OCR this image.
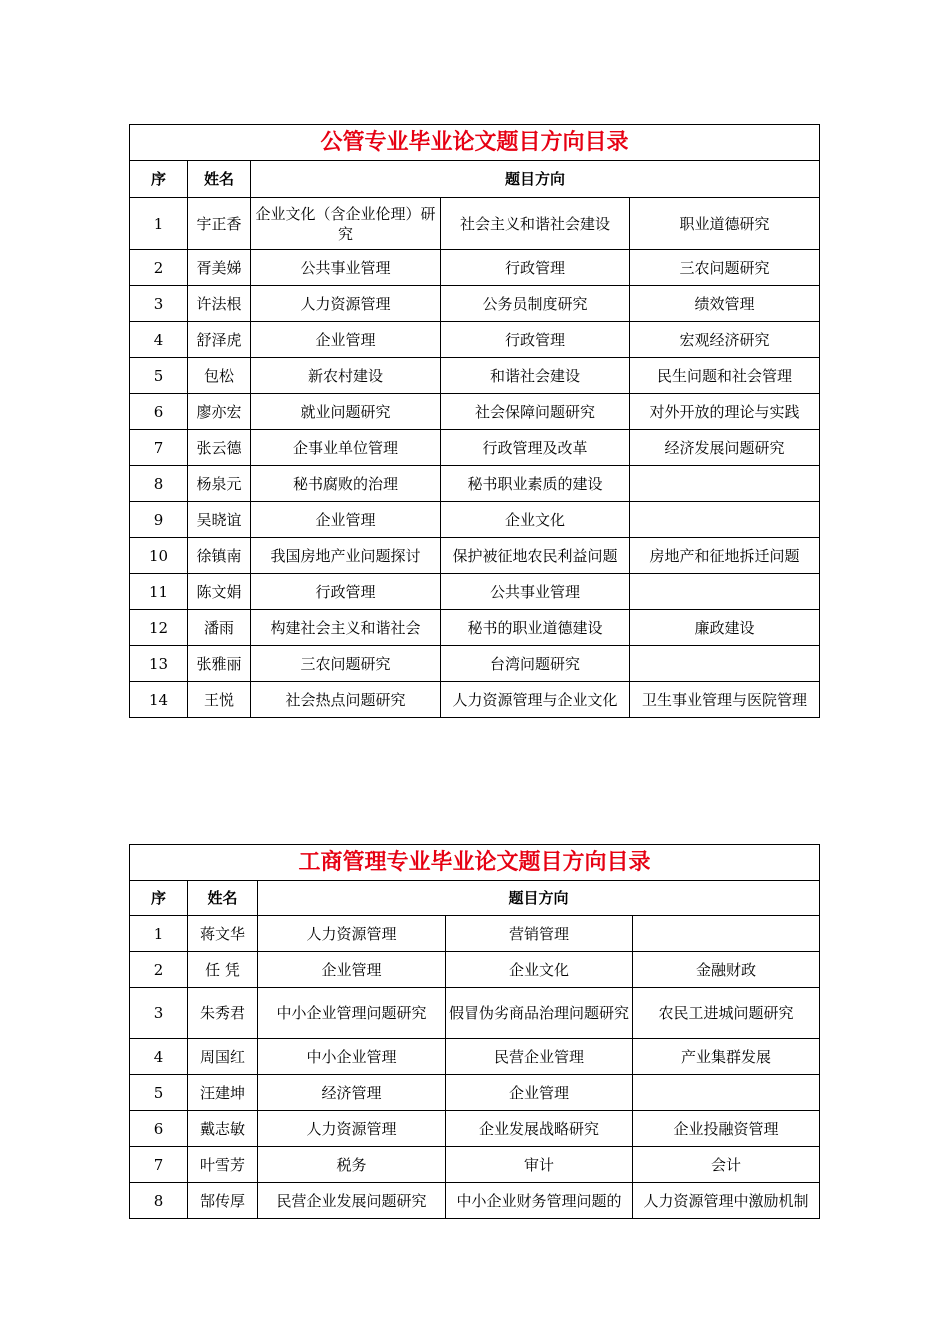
公管专业毕业论文题目方向目录				
序	姓名	题目方向		
1	宇正香	企业文化（含企业伦理）研究	社会主义和谐社会建设	职业道德研究
2	胥美娣	公共事业管理	行政管理	三农问题研究
3	许法根	人力资源管理	公务员制度研究	绩效管理
4	舒泽虎	企业管理	行政管理	宏观经济研究
5	包松	新农村建设	和谐社会建设	民生问题和社会管理
6	廖亦宏	就业问题研究	社会保障问题研究	对外开放的理论与实践
7	张云德	企事业单位管理	行政管理及改革	经济发展问题研究
8	杨泉元	秘书腐败的治理	秘书职业素质的建设	
9	吴晓谊	企业管理	企业文化	
10	徐镇南	我国房地产业问题探讨	保护被征地农民利益问题	房地产和征地拆迁问题
11	陈文娟	行政管理	公共事业管理	
12	潘雨	构建社会主义和谐社会	秘书的职业道德建设	廉政建设
13	张雅丽	三农问题研究	台湾问题研究	
14	王悦	社会热点问题研究	人力资源管理与企业文化	卫生事业管理与医院管理
工商管理专业毕业论文题目方向目录				
序	姓名	题目方向		
1	蒋文华	人力资源管理	营销管理	
2	任 凭	企业管理	企业文化	金融财政
3	朱秀君	中小企业管理问题研究	假冒伪劣商品治理问题研究	农民工进城问题研究
4	周国红	中小企业管理	民营企业管理	产业集群发展
5	汪建坤	经济管理	企业管理	
6	戴志敏	人力资源管理	企业发展战略研究	企业投融资管理
7	叶雪芳	税务	审计	会计
8	郜传厚	民营企业发展问题研究	中小企业财务管理问题的	人力资源管理中激励机制
